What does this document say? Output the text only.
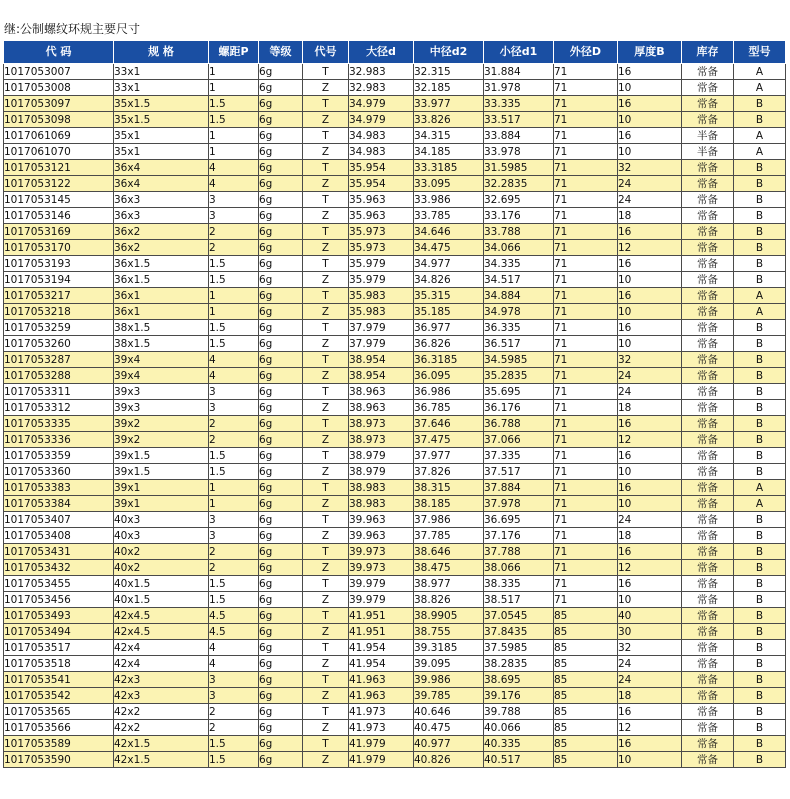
继:公制螺纹环规主要尺寸
代 码	规 格	螺距P	等级	代号	大径d	中径d2	小径d1	外径D	厚度B	库存	型号
1017053007	33x1	1	6g	T	32.983	32.315	31.884	71	16	常备	A
1017053008	33x1	1	6g	Z	32.983	32.185	31.978	71	10	常备	A
1017053097	35x1.5	1.5	6g	T	34.979	33.977	33.335	71	16	常备	B
1017053098	35x1.5	1.5	6g	Z	34.979	33.826	33.517	71	10	常备	B
1017061069	35x1	1	6g	T	34.983	34.315	33.884	71	16	半备	A
1017061070	35x1	1	6g	Z	34.983	34.185	33.978	71	10	半备	A
1017053121	36x4	4	6g	T	35.954	33.3185	31.5985	71	32	常备	B
1017053122	36x4	4	6g	Z	35.954	33.095	32.2835	71	24	常备	B
1017053145	36x3	3	6g	T	35.963	33.986	32.695	71	24	常备	B
1017053146	36x3	3	6g	Z	35.963	33.785	33.176	71	18	常备	B
1017053169	36x2	2	6g	T	35.973	34.646	33.788	71	16	常备	B
1017053170	36x2	2	6g	Z	35.973	34.475	34.066	71	12	常备	B
1017053193	36x1.5	1.5	6g	T	35.979	34.977	34.335	71	16	常备	B
1017053194	36x1.5	1.5	6g	Z	35.979	34.826	34.517	71	10	常备	B
1017053217	36x1	1	6g	T	35.983	35.315	34.884	71	16	常备	A
1017053218	36x1	1	6g	Z	35.983	35.185	34.978	71	10	常备	A
1017053259	38x1.5	1.5	6g	T	37.979	36.977	36.335	71	16	常备	B
1017053260	38x1.5	1.5	6g	Z	37.979	36.826	36.517	71	10	常备	B
1017053287	39x4	4	6g	T	38.954	36.3185	34.5985	71	32	常备	B
1017053288	39x4	4	6g	Z	38.954	36.095	35.2835	71	24	常备	B
1017053311	39x3	3	6g	T	38.963	36.986	35.695	71	24	常备	B
1017053312	39x3	3	6g	Z	38.963	36.785	36.176	71	18	常备	B
1017053335	39x2	2	6g	T	38.973	37.646	36.788	71	16	常备	B
1017053336	39x2	2	6g	Z	38.973	37.475	37.066	71	12	常备	B
1017053359	39x1.5	1.5	6g	T	38.979	37.977	37.335	71	16	常备	B
1017053360	39x1.5	1.5	6g	Z	38.979	37.826	37.517	71	10	常备	B
1017053383	39x1	1	6g	T	38.983	38.315	37.884	71	16	常备	A
1017053384	39x1	1	6g	Z	38.983	38.185	37.978	71	10	常备	A
1017053407	40x3	3	6g	T	39.963	37.986	36.695	71	24	常备	B
1017053408	40x3	3	6g	Z	39.963	37.785	37.176	71	18	常备	B
1017053431	40x2	2	6g	T	39.973	38.646	37.788	71	16	常备	B
1017053432	40x2	2	6g	Z	39.973	38.475	38.066	71	12	常备	B
1017053455	40x1.5	1.5	6g	T	39.979	38.977	38.335	71	16	常备	B
1017053456	40x1.5	1.5	6g	Z	39.979	38.826	38.517	71	10	常备	B
1017053493	42x4.5	4.5	6g	T	41.951	38.9905	37.0545	85	40	常备	B
1017053494	42x4.5	4.5	6g	Z	41.951	38.755	37.8435	85	30	常备	B
1017053517	42x4	4	6g	T	41.954	39.3185	37.5985	85	32	常备	B
1017053518	42x4	4	6g	Z	41.954	39.095	38.2835	85	24	常备	B
1017053541	42x3	3	6g	T	41.963	39.986	38.695	85	24	常备	B
1017053542	42x3	3	6g	Z	41.963	39.785	39.176	85	18	常备	B
1017053565	42x2	2	6g	T	41.973	40.646	39.788	85	16	常备	B
1017053566	42x2	2	6g	Z	41.973	40.475	40.066	85	12	常备	B
1017053589	42x1.5	1.5	6g	T	41.979	40.977	40.335	85	16	常备	B
1017053590	42x1.5	1.5	6g	Z	41.979	40.826	40.517	85	10	常备	B
